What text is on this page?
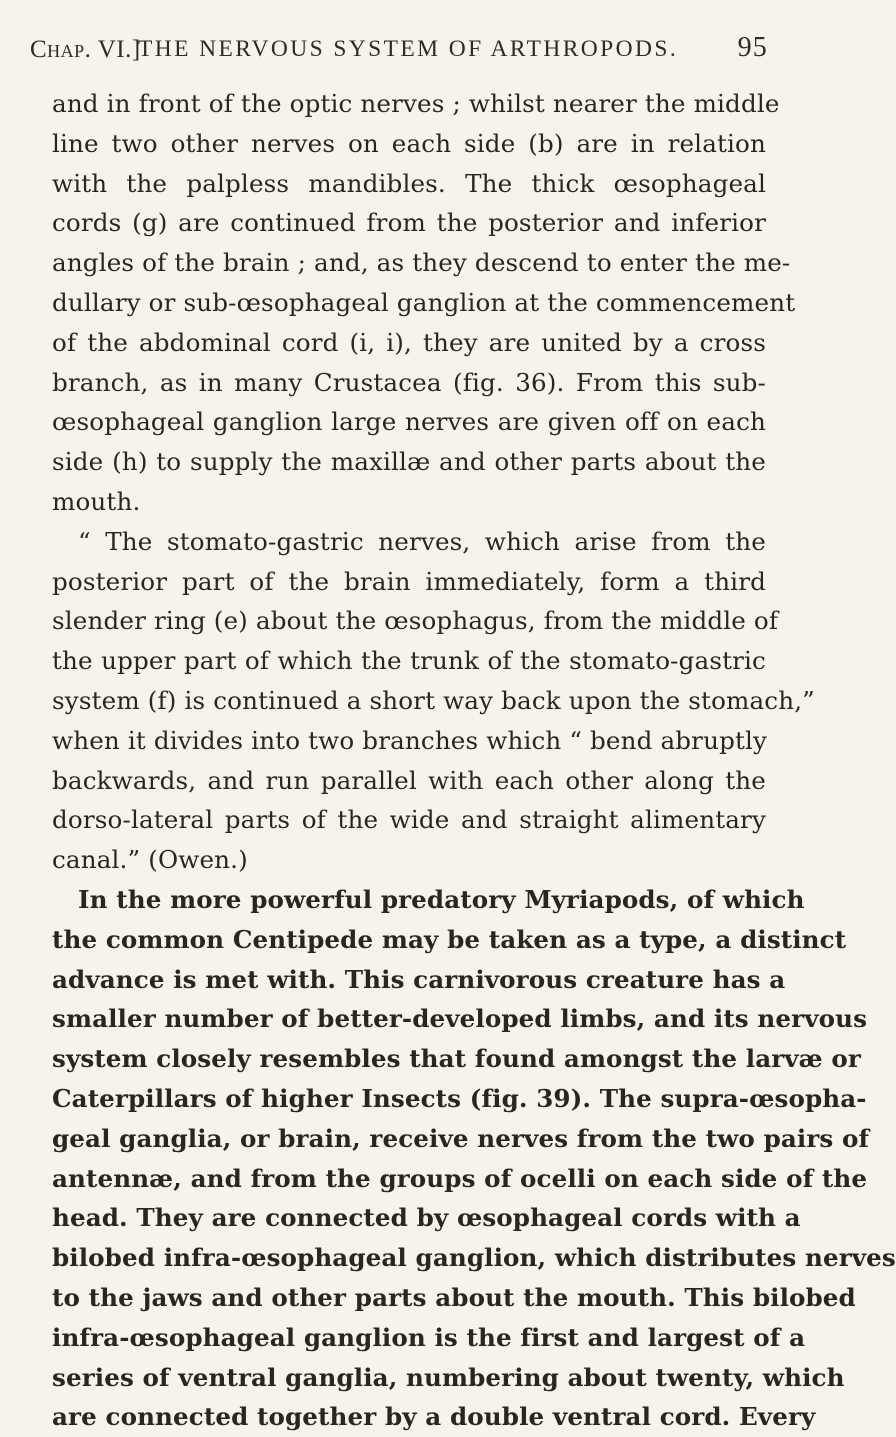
Chap. VI.]
THE NERVOUS SYSTEM OF ARTHROPODS. 95
and in front of the optic nerves ; whilst nearer the middle
line two other nerves on each side (b) are in relation
with the palpless mandibles. The thick œsophageal
cords (g) are continued from the posterior and inferior
angles of the brain ; and, as they descend to enter the me-
dullary or sub-œsophageal ganglion at the commencement
of the abdominal cord (i, i), they are united by a cross
branch, as in many Crustacea (fig. 36). From this sub-
œsophageal ganglion large nerves are given off on each
side (h) to supply the maxillæ and other parts about the
mouth.
“ The stomato-gastric nerves, which arise from the
posterior part of the brain immediately, form a third
slender ring (e) about the œsophagus, from the middle of
the upper part of which the trunk of the stomato-gastric
system (f) is continued a short way back upon the stomach,”
when it divides into two branches which “ bend abruptly
backwards, and run parallel with each other along the
dorso-lateral parts of the wide and straight alimentary
canal.” (Owen.)
In the more powerful predatory Myriapods, of which
the common Centipede may be taken as a type, a distinct
advance is met with. This carnivorous creature has a
smaller number of better-developed limbs, and its nervous
system closely resembles that found amongst the larvæ or
Caterpillars of higher Insects (fig. 39). The supra-œsopha-
geal ganglia, or brain, receive nerves from the two pairs of
antennæ, and from the groups of ocelli on each side of the
head. They are connected by œsophageal cords with a
bilobed infra-œsophageal ganglion, which distributes nerves
to the jaws and other parts about the mouth. This bilobed
infra-œsophageal ganglion is the first and largest of a
series of ventral ganglia, numbering about twenty, which
are connected together by a double ventral cord. Every
